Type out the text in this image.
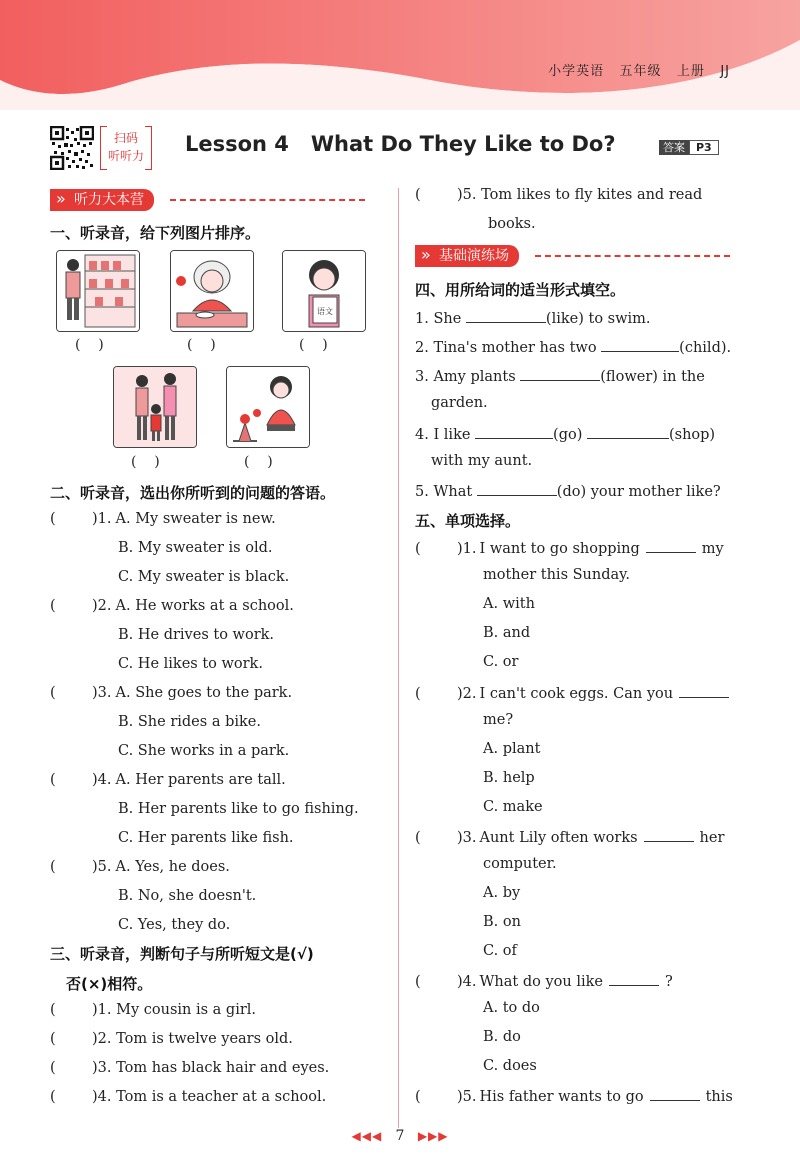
小学英语 五年级 上册 JJ
扫码
听听力	Lesson 4   What Do They Like to Do?	答案 P3
» 听力大本营
一、听录音，给下列图片排序。
语文
(    )	(    )	(    )
(    )	(    )
二、听录音，选出你所听到的问题的答语。
三、听录音，判断句子与所听短文是(√)
否(×)相符。
(	)5. Tom likes to fly kites and read
books.
» 基础演练场
四、用所给词的适当形式填空。
1. She	(like) to swim.
2. Tina's mother has two	(child).
3. Amy plants	(flower) in the
garden.
4. I like	(go)	(shop)
with my aunt.
5. What	(do) your mother like?
五、单项选择。
◀◀◀ 7 ▶▶▶
(	)1. A. My sweater is new.
B. My sweater is old.
C. My sweater is black.
(	)2. A. He works at a school.
B. He drives to work.
C. He likes to work.
(	)3. A. She goes to the park.
B. She rides a bike.
C. She works in a park.
(	)4. A. Her parents are tall.
B. Her parents like to go fishing.
C. Her parents like fish.
(	)5. A. Yes, he does.
B. No, she doesn't.
C. Yes, they do.
(	)1. My cousin is a girl.
(	)2. Tom is twelve years old.
(	)3. Tom has black hair and eyes.
(	)4. Tom is a teacher at a school.
(	)1. I want to go shopping	my
mother this Sunday.
A. with
B. and
C. or
(	)2. I can't cook eggs. Can you
me?
A. plant
B. help
C. make
(	)3. Aunt Lily often works	her
computer.
A. by
B. on
C. of
(	)4. What do you like	?
A. to do
B. do
C. does
(	)5. His father wants to go	this
